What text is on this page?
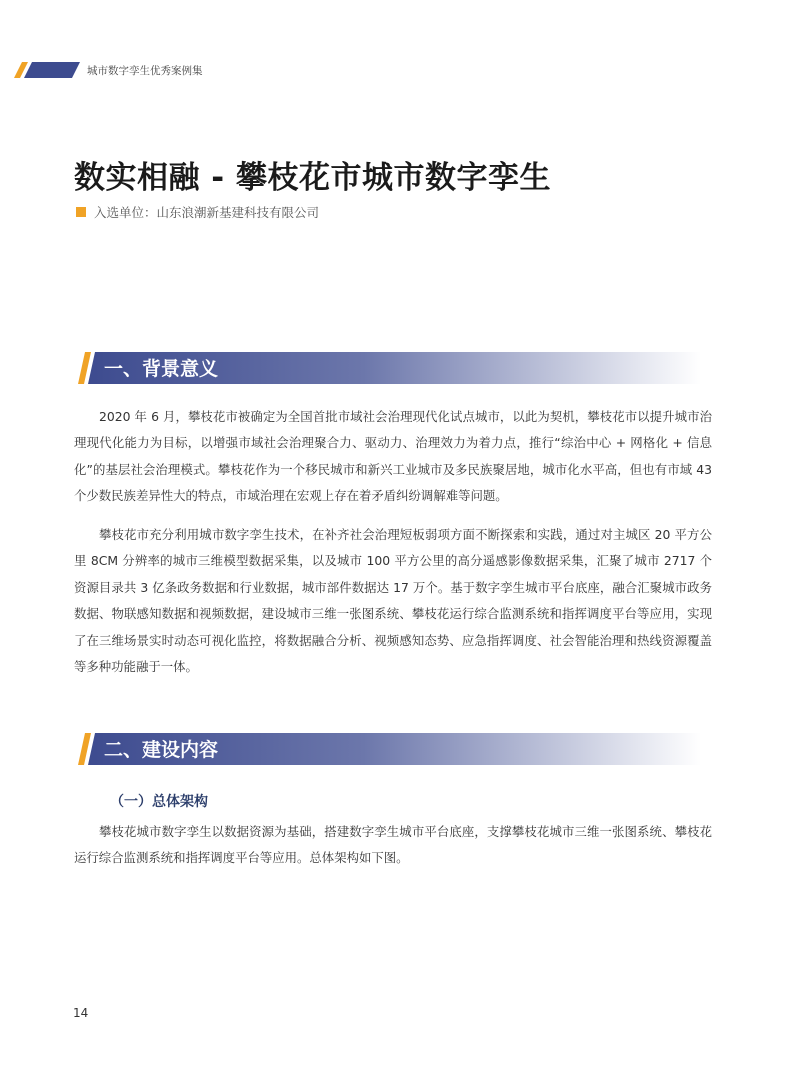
城市数字孪生优秀案例集
数实相融 - 攀枝花市城市数字孪生
入选单位：山东浪潮新基建科技有限公司
一、背景意义

2020 年 6 月，攀枝花市被确定为全国首批市域社会治理现代化试点城市，以此为契机，攀枝花市以提升城市治理现代化能力为目标，以增强市域社会治理聚合力、驱动力、治理效力为着力点，推行“综治中心 + 网格化 + 信息化”的基层社会治理模式。攀枝花作为一个移民城市和新兴工业城市及多民族聚居地，城市化水平高，但也有市域 43 个少数民族差异性大的特点，市域治理在宏观上存在着矛盾纠纷调解难等问题。

攀枝花市充分利用城市数字孪生技术，在补齐社会治理短板弱项方面不断探索和实践，通过对主城区 20 平方公里 8CM 分辨率的城市三维模型数据采集，以及城市 100 平方公里的高分遥感影像数据采集，汇聚了城市 2717 个资源目录共 3 亿条政务数据和行业数据，城市部件数据达 17 万个。基于数字孪生城市平台底座，融合汇聚城市政务数据、物联感知数据和视频数据，建设城市三维一张图系统、攀枝花运行综合监测系统和指挥调度平台等应用，实现了在三维场景实时动态可视化监控，将数据融合分析、视频感知态势、应急指挥调度、社会智能治理和热线资源覆盖等多种功能融于一体。

二、建设内容
（一）总体架构

攀枝花城市数字孪生以数据资源为基础，搭建数字孪生城市平台底座，支撑攀枝花城市三维一张图系统、攀枝花运行综合监测系统和指挥调度平台等应用。总体架构如下图。

14
